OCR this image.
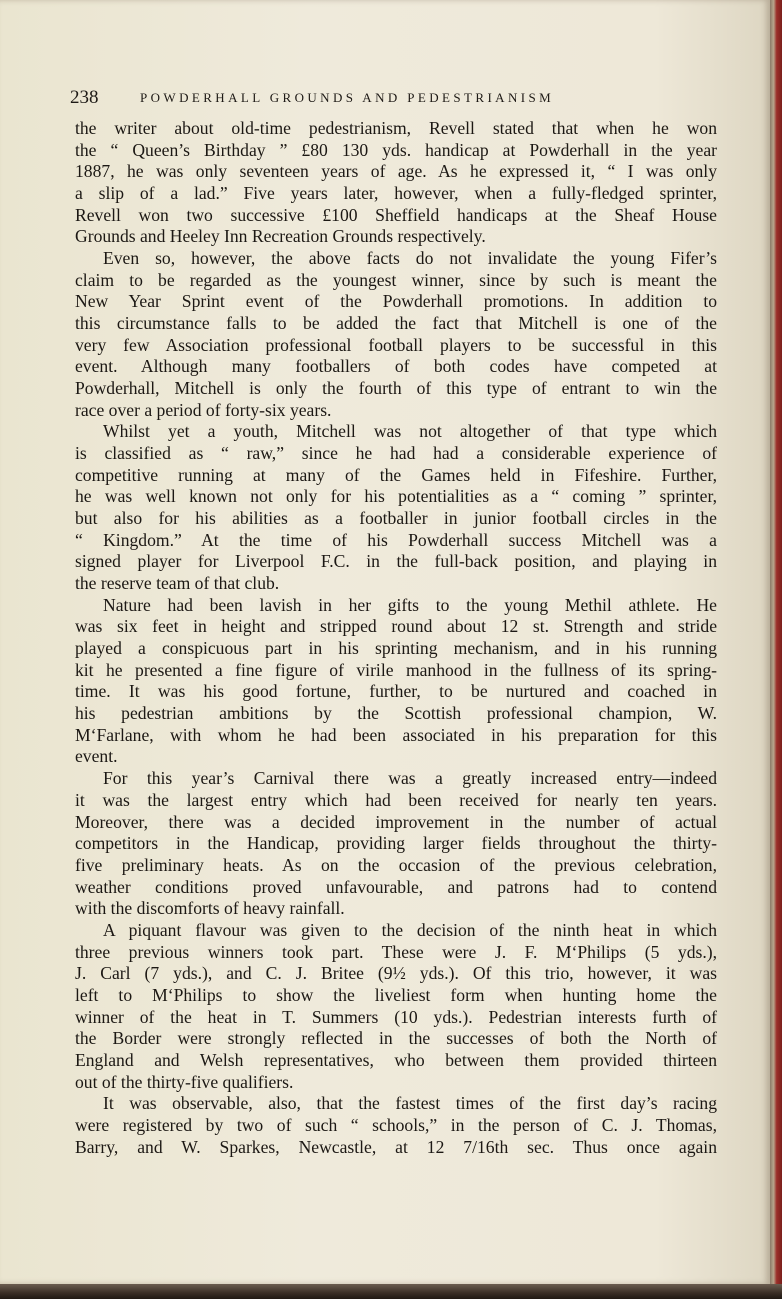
238	POWDERHALL GROUNDS AND PEDESTRIANISM
the writer about old-time pedestrianism, Revell stated that when he won
the “ Queen’s Birthday ” £80 130 yds. handicap at Powderhall in the year
1887, he was only seventeen years of age. As he expressed it, “ I was only
a slip of a lad.” Five years later, however, when a fully-fledged sprinter,
Revell won two successive £100 Sheffield handicaps at the Sheaf House
Grounds and Heeley Inn Recreation Grounds respectively.
Even so, however, the above facts do not invalidate the young Fifer’s
claim to be regarded as the youngest winner, since by such is meant the
New Year Sprint event of the Powderhall promotions. In addition to
this circumstance falls to be added the fact that Mitchell is one of the
very few Association professional football players to be successful in this
event. Although many footballers of both codes have competed at
Powderhall, Mitchell is only the fourth of this type of entrant to win the
race over a period of forty-six years.
Whilst yet a youth, Mitchell was not altogether of that type which
is classified as “ raw,” since he had had a considerable experience of
competitive running at many of the Games held in Fifeshire. Further,
he was well known not only for his potentialities as a “ coming ” sprinter,
but also for his abilities as a footballer in junior football circles in the
“ Kingdom.” At the time of his Powderhall success Mitchell was a
signed player for Liverpool F.C. in the full-back position, and playing in
the reserve team of that club.
Nature had been lavish in her gifts to the young Methil athlete. He
was six feet in height and stripped round about 12 st. Strength and stride
played a conspicuous part in his sprinting mechanism, and in his running
kit he presented a fine figure of virile manhood in the fullness of its spring-
time. It was his good fortune, further, to be nurtured and coached in
his pedestrian ambitions by the Scottish professional champion, W.
M‘Farlane, with whom he had been associated in his preparation for this
event.
For this year’s Carnival there was a greatly increased entry—indeed
it was the largest entry which had been received for nearly ten years.
Moreover, there was a decided improvement in the number of actual
competitors in the Handicap, providing larger fields throughout the thirty-
five preliminary heats. As on the occasion of the previous celebration,
weather conditions proved unfavourable, and patrons had to contend
with the discomforts of heavy rainfall.
A piquant flavour was given to the decision of the ninth heat in which
three previous winners took part. These were J. F. M‘Philips (5 yds.),
J. Carl (7 yds.), and C. J. Britee (9½ yds.). Of this trio, however, it was
left to M‘Philips to show the liveliest form when hunting home the
winner of the heat in T. Summers (10 yds.). Pedestrian interests furth of
the Border were strongly reflected in the successes of both the North of
England and Welsh representatives, who between them provided thirteen
out of the thirty-five qualifiers.
It was observable, also, that the fastest times of the first day’s racing
were registered by two of such “ schools,” in the person of C. J. Thomas,
Barry, and W. Sparkes, Newcastle, at 12 7/16th sec. Thus once again
